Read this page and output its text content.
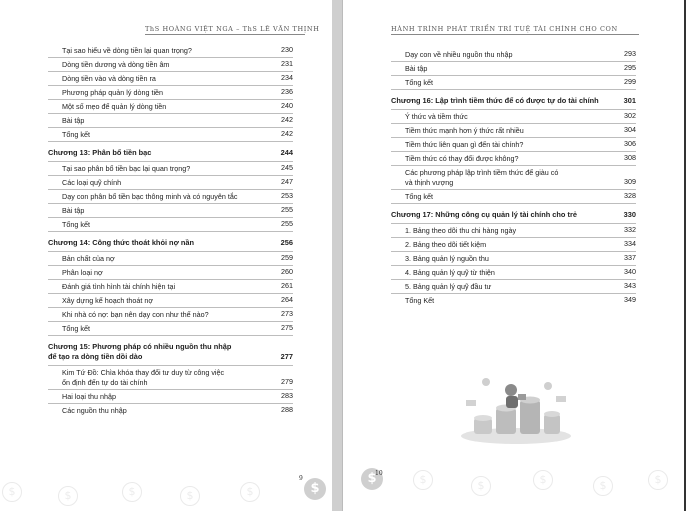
ThS HOÀNG VIỆT NGA – ThS LÊ VĂN THỊNH
Tại sao hiểu về dòng tiền lại quan trọng?	230
Dòng tiền dương và dòng tiền âm	231
Dòng tiền vào và dòng tiền ra	234
Phương pháp quản lý dòng tiền	236
Một số mẹo để quản lý dòng tiền	240
Bài tập	242
Tổng kết	242
Chương 13: Phân bổ tiền bạc	244
Tại sao phân bổ tiền bạc lại quan trọng?	245
Các loại quỹ chính	247
Dạy con phân bổ tiền bạc thông minh và có nguyên tắc	253
Bài tập	255
Tổng kết	255
Chương 14: Công thức thoát khỏi nợ nần	256
Bản chất của nợ	259
Phân loại nợ	260
Đánh giá tình hình tài chính hiện tại	261
Xây dựng kế hoạch thoát nợ	264
Khi nhà có nợ: bạn nên dạy con như thế nào?	273
Tổng kết	275
Chương 15: Phương pháp có nhiều nguồn thu nhập
để tạo ra dòng tiền dồi dào	277
Kim Tứ Đồ: Chìa khóa thay đổi tư duy từ công việc
ổn định đến tự do tài chính	279
Hai loại thu nhập	283
Các nguồn thu nhập	288
$	$	$	$	$
9
$
HÀNH TRÌNH PHÁT TRIỂN TRÍ TUỆ TÀI CHÍNH CHO CON
Dạy con về nhiều nguồn thu nhập	293
Bài tập	295
Tổng kết	299
Chương 16: Lập trình tiềm thức để có được tự do tài chính	301
Ý thức và tiềm thức	302
Tiềm thức mạnh hơn ý thức rất nhiều	304
Tiềm thức liên quan gì đến tài chính?	306
Tiềm thức có thay đổi được không?	308
Các phương pháp lập trình tiềm thức để giàu có
và thịnh vượng	309
Tổng kết	328
Chương 17: Những công cụ quản lý tài chính cho trẻ	330
1. Bảng theo dõi thu chi hàng ngày	332
2. Bảng theo dõi tiết kiệm	334
3. Bảng quản lý nguồn thu	337
4. Bảng quản lý quỹ từ thiện	340
5. Bảng quản lý quỹ đầu tư	343
Tổng Kết	349
$	$	$	$	$
$
10
